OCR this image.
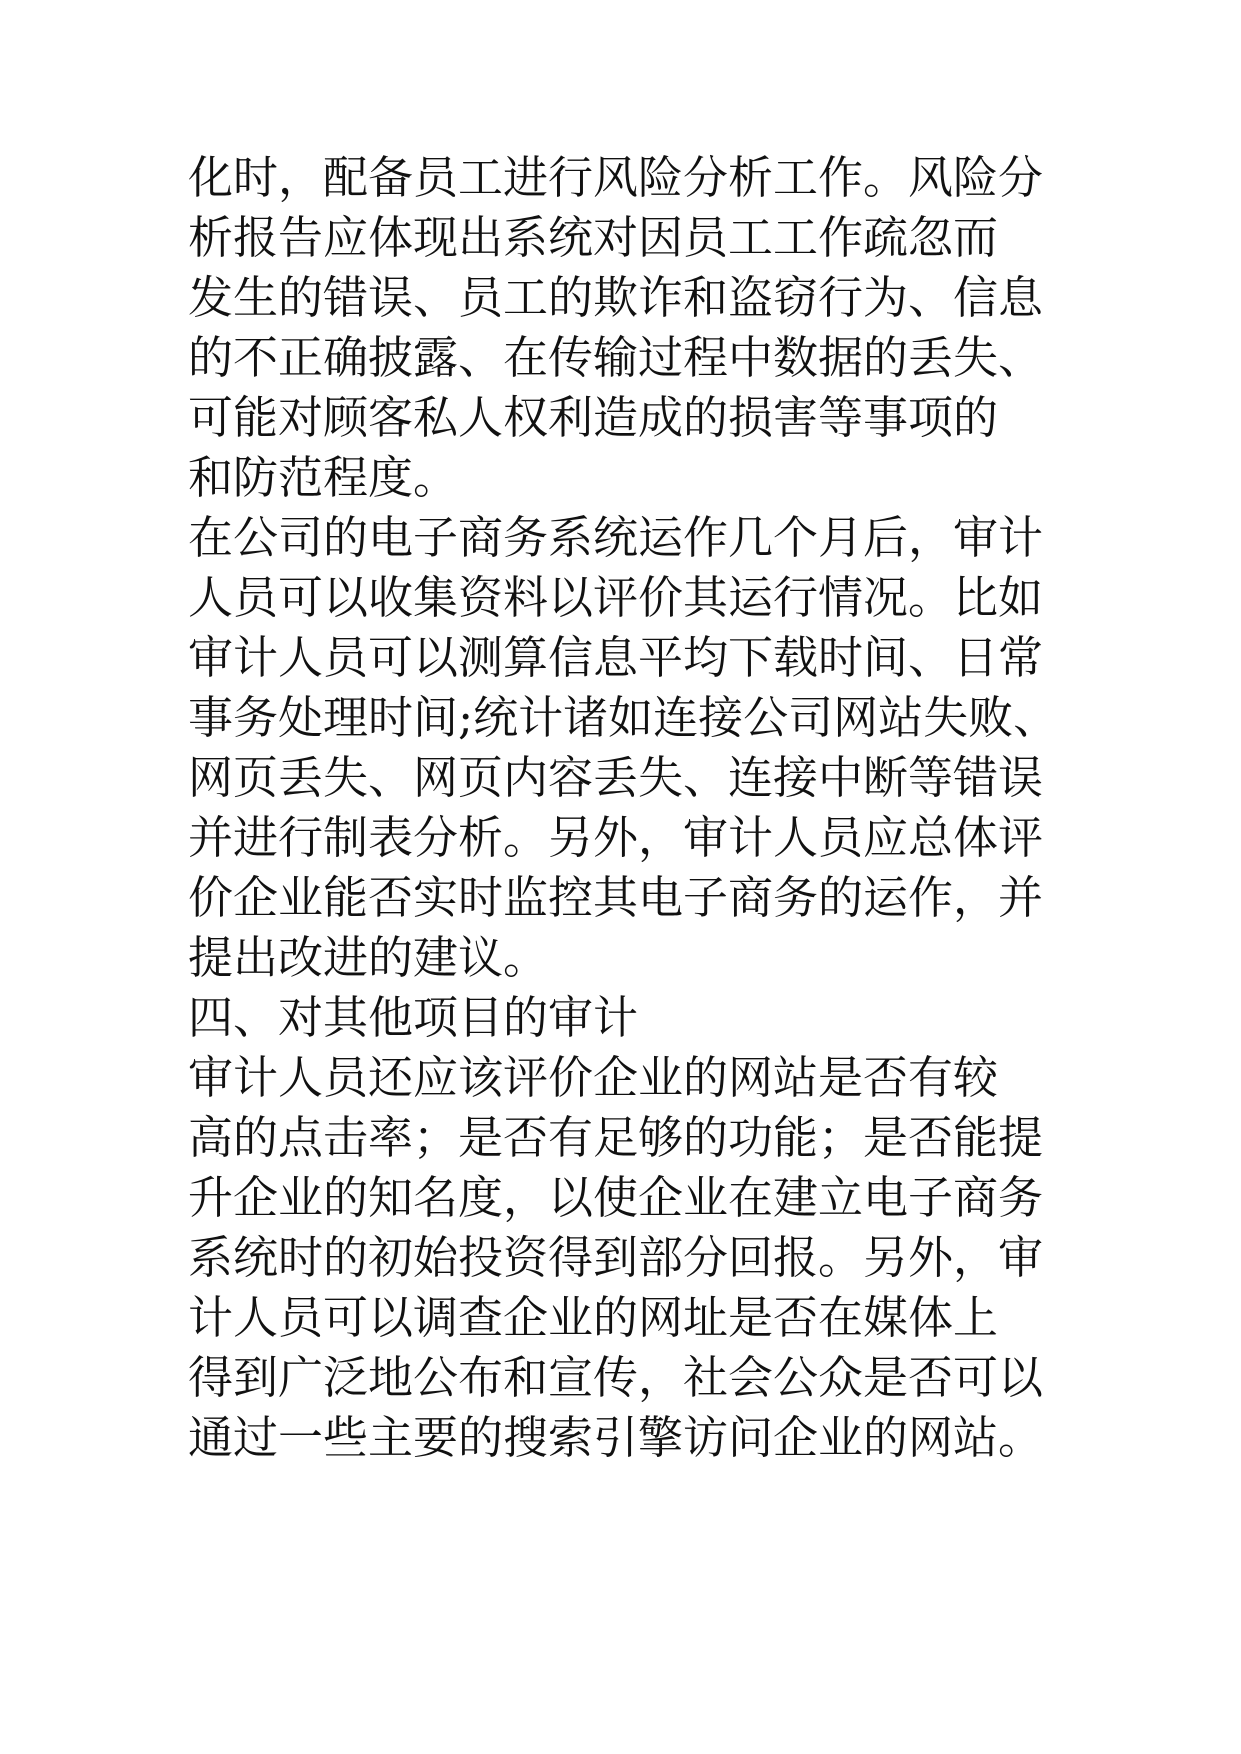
化时，配备员工进行风险分析工作。风险分
析报告应体现出系统对因员工工作疏忽而
发生的错误、员工的欺诈和盗窃行为、信息
的不正确披露、在传输过程中数据的丢失、
可能对顾客私人权利造成的损害等事项的
和防范程度。
在公司的电子商务系统运作几个月后，审计
人员可以收集资料以评价其运行情况。比如
审计人员可以测算信息平均下载时间、日常
事务处理时间;统计诸如连接公司网站失败、
网页丢失、网页内容丢失、连接中断等错误
并进行制表分析。另外，审计人员应总体评
价企业能否实时监控其电子商务的运作，并
提出改进的建议。
四、对其他项目的审计
审计人员还应该评价企业的网站是否有较
高的点击率；是否有足够的功能；是否能提
升企业的知名度，以使企业在建立电子商务
系统时的初始投资得到部分回报。另外，审
计人员可以调查企业的网址是否在媒体上
得到广泛地公布和宣传，社会公众是否可以
通过一些主要的搜索引擎访问企业的网站。
